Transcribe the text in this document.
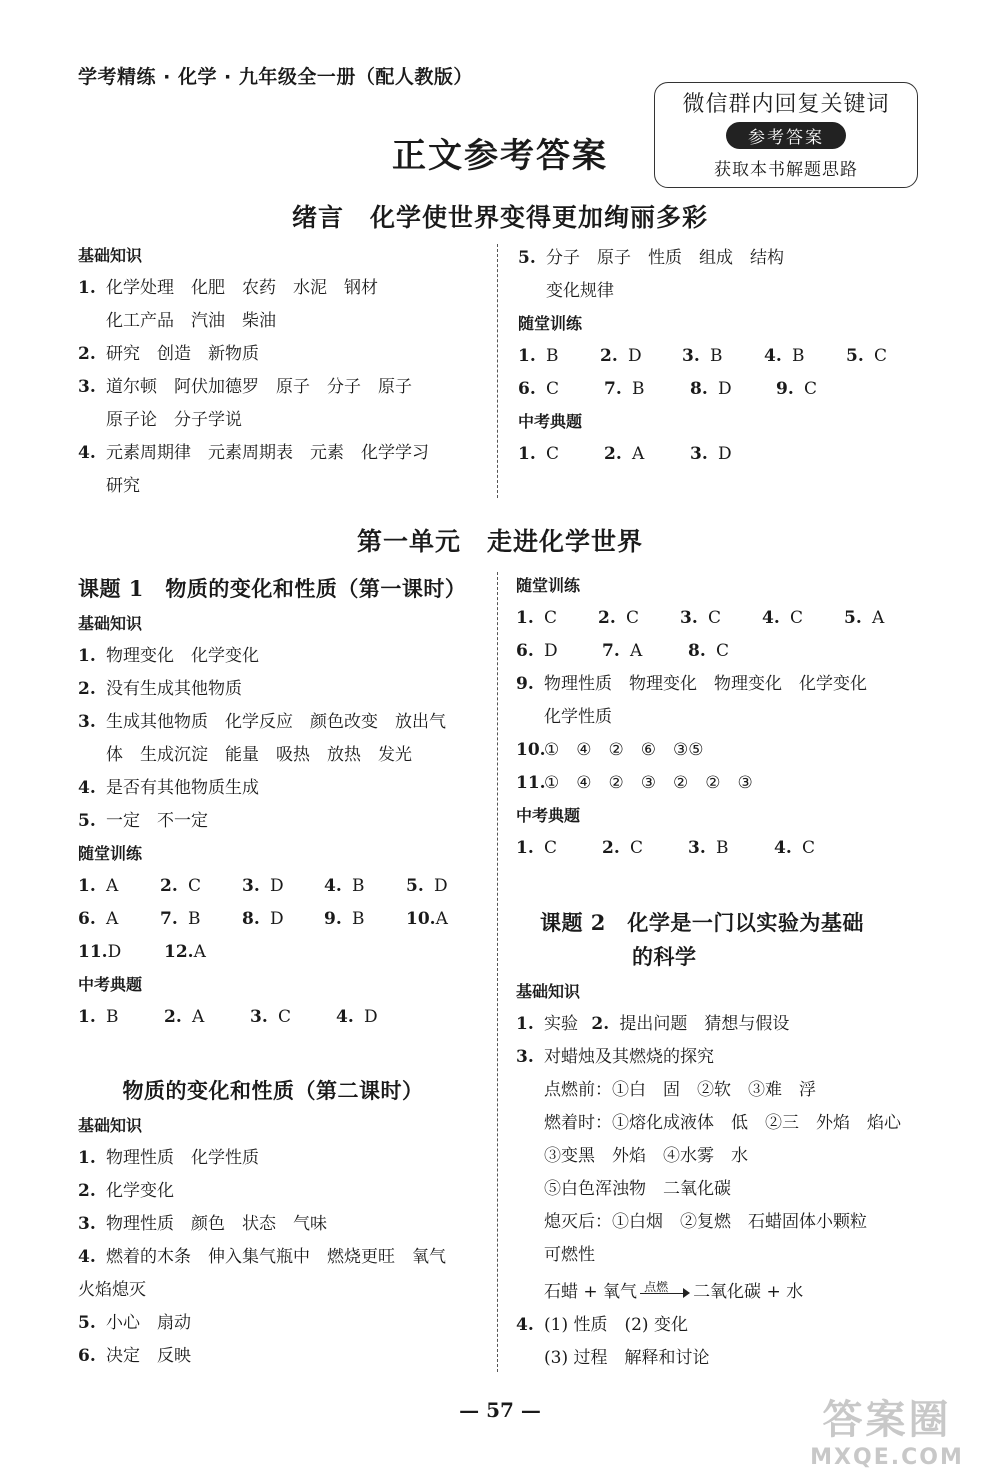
学考精练 · 化学 · 九年级全一册（配人教版）
微信群内回复关键词
参考答案
获取本书解题思路
正文参考答案
绪言　化学使世界变得更加绚丽多彩
基础知识
1. 化学处理　化肥　农药　水泥　钢材
化工产品　汽油　柴油
2. 研究　创造　新物质
3. 道尔顿　阿伏加德罗　原子　分子　原子
原子论　分子学说
4. 元素周期律　元素周期表　元素　化学学习
研究
5. 分子　原子　性质　组成　结构
变化规律
随堂训练
1. B	2. D	3. B	4. B	5. C
6. C	7. B	8. D	9. C
中考典题
1. C	2. A	3. D
第一单元　走进化学世界
课题 1　物质的变化和性质（第一课时）
基础知识
1. 物理变化　化学变化
2. 没有生成其他物质
3. 生成其他物质　化学反应　颜色改变　放出气
体　生成沉淀　能量　吸热　放热　发光
4. 是否有其他物质生成
5. 一定　不一定
随堂训练
1. A	2. C	3. D	4. B	5. D
6. A	7. B	8. D	9. B	10.A
11.D	12.A
中考典题
1. B	2. A	3. C	4. D
物质的变化和性质（第二课时）
基础知识
1. 物理性质　化学性质
2. 化学变化
3. 物理性质　颜色　状态　气味
4. 燃着的木条　伸入集气瓶中　燃烧更旺　氧气
火焰熄灭
5. 小心　扇动
6. 决定　反映
随堂训练
1. C	2. C	3. C	4. C	5. A
6. D	7. A	8. C
9. 物理性质　物理变化　物理变化　化学变化
化学性质
10.①　④　②　⑥　③⑤
11.①　④　②　③　②　②　③
中考典题
1. C	2. C	3. B	4. C
课题 2　化学是一门以实验为基础
的科学
基础知识
1. 实验 2. 提出问题　猜想与假设
3. 对蜡烛及其燃烧的探究
点燃前：①白　固　②软　③难　浮
燃着时：①熔化成液体　低　②三　外焰　焰心
③变黑　外焰　④水雾　水
⑤白色浑浊物　二氧化碳
熄灭后：①白烟　②复燃　石蜡固体小颗粒
可燃性
石蜡 + 氧气 点燃 二氧化碳 + 水
4. (1) 性质　(2) 变化
(3) 过程　解释和讨论
— 57 —	答案圈
MXQE.COM
